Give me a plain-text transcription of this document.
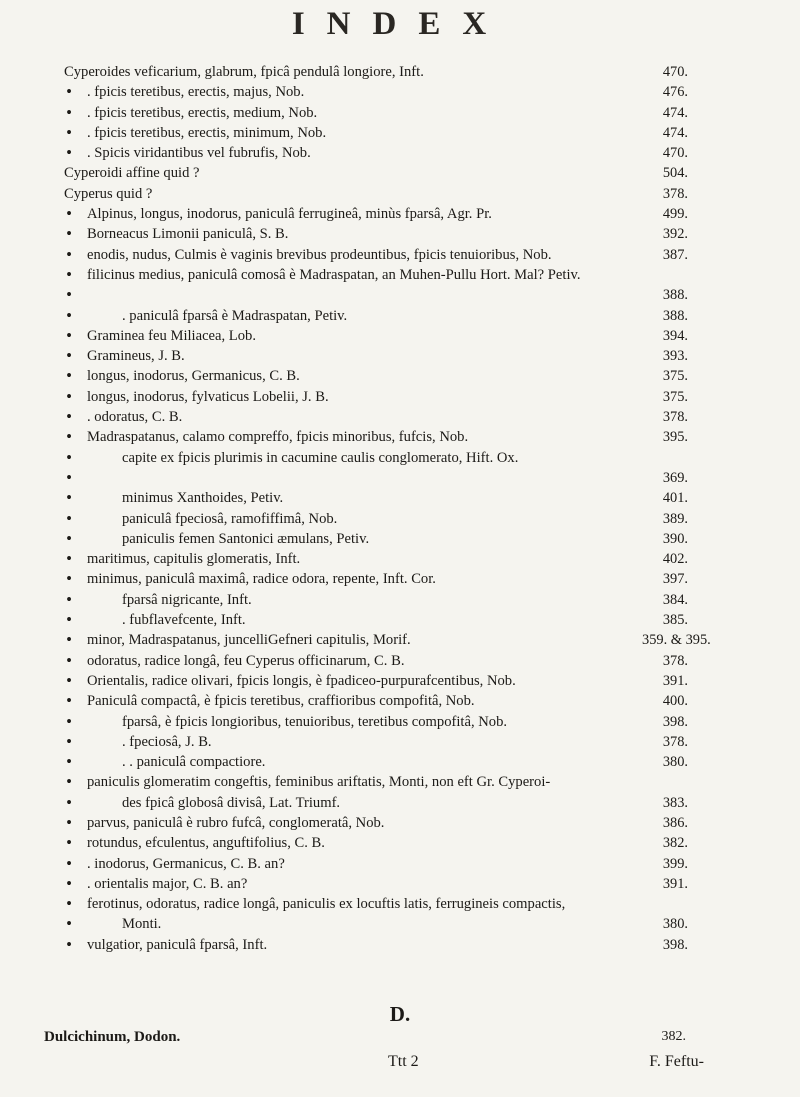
INDEX
Cyperoides veficarium, glabrum, fpicâ pendulâ longiore, Inft.	470.
• . fpicis teretibus, erectis, majus, Nob.	476.
• . fpicis teretibus, erectis, medium, Nob.	474.
• . fpicis teretibus, erectis, minimum, Nob.	474.
• . Spicis viridantibus vel fubrufis, Nob.	470.
Cyperoidi affine quid ?	504.
Cyperus quid ?	378.
• Alpinus, longus, inodorus, paniculâ ferrugineâ, minùs fparsâ, Agr. Pr.	499.
• Borneacus Limonii paniculâ, S. B.	392.
• enodis, nudus, Culmis è vaginis brevibus prodeuntibus, fpicis tenuioribus, Nob.	387.
• filicinus medius, paniculâ comosâ è Madraspatan, an Muhen-Pullu Hort. Mal? Petiv.
•	388.
•	. paniculâ fparsâ è Madraspatan, Petiv.	388.
• Graminea feu Miliacea, Lob.	394.
• Gramineus, J. B.	393.
• longus, inodorus, Germanicus, C. B.	375.
• longus, inodorus, fylvaticus Lobelii, J. B.	375.
• . odoratus, C. B.	378.
• Madraspatanus, calamo compreffo, fpicis minoribus, fufcis, Nob.	395.
•	capite ex fpicis plurimis in cacumine caulis conglomerato, Hift. Ox.
•	369.
•	minimus Xanthoides, Petiv.	401.
•	paniculâ fpeciosâ, ramofiffimâ, Nob.	389.
•	paniculis femen Santonici æmulans, Petiv.	390.
• maritimus, capitulis glomeratis, Inft.	402.
• minimus, paniculâ maximâ, radice odora, repente, Inft. Cor.	397.
•	fparsâ nigricante, Inft.	384.
•	. fubflavefcente, Inft.	385.
• minor, Madraspatanus, juncelliGefneri capitulis, Morif.	359. & 395.
• odoratus, radice longâ, feu Cyperus officinarum, C. B.	378.
• Orientalis, radice olivari, fpicis longis, è fpadiceo-purpurafcentibus, Nob.	391.
• Paniculâ compactâ, è fpicis teretibus, craffioribus compofitâ, Nob.	400.
•	fparsâ, è fpicis longioribus, tenuioribus, teretibus compofitâ, Nob.	398.
•	. fpeciosâ, J. B.	378.
•	. . paniculâ compactiore.	380.
• paniculis glomeratim congeftis, feminibus ariftatis, Monti, non eft Gr. Cyperoi-
•	des fpicâ globosâ divisâ, Lat. Triumf.	383.
• parvus, paniculâ è rubro fufcâ, conglomeratâ, Nob.	386.
• rotundus, efculentus, anguftifolius, C. B.	382.
• . inodorus, Germanicus, C. B. an?	399.
• . orientalis major, C. B. an?	391.
• ferotinus, odoratus, radice longâ, paniculis ex locuftis latis, ferrugineis compactis,
•	Monti.	380.
• vulgatior, paniculâ fparsâ, Inft.	398.
D.
Dulcichinum, Dodon.	382.
Ttt 2	F. Feftu-
